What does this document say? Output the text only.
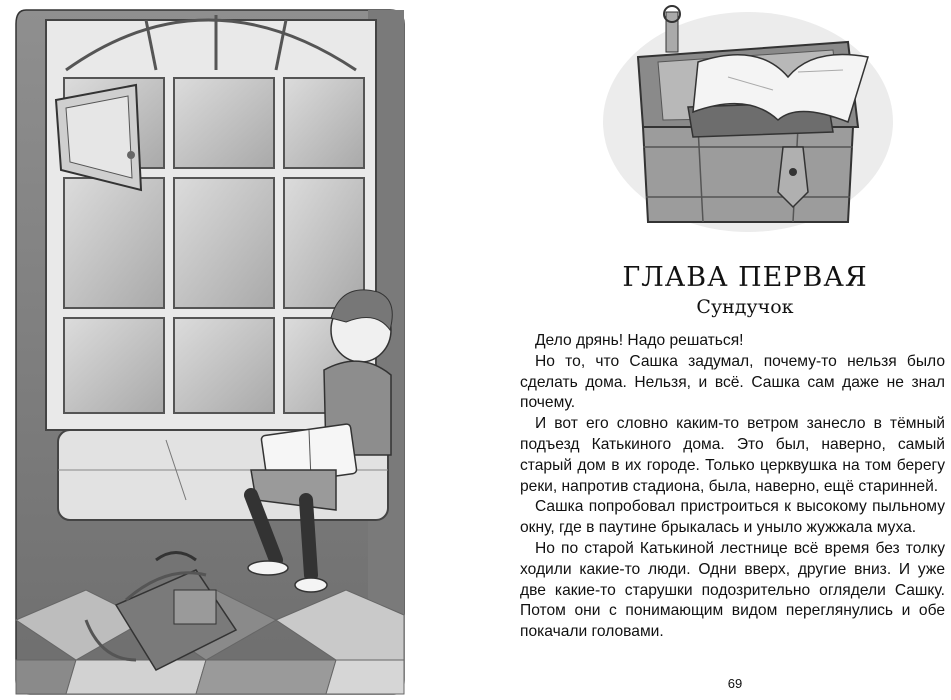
ГЛАВА ПЕРВАЯ
Сундучок

Дело дрянь! Надо решаться!

Но то, что Сашка задумал, почему-то нельзя было сделать дома. Нельзя, и всё. Сашка сам даже не знал почему.

И вот его словно каким-то ветром занесло в тёмный подъезд Катькиного дома. Это был, наверно, самый старый дом в их городе. Только церквушка на том берегу реки, напротив стадиона, была, наверно, ещё старинней.

Сашка попробовал пристроиться к высокому пыльному окну, где в паутине брыкалась и уныло жужжала муха.

Но по старой Катькиной лестнице всё время без толку ходили какие-то люди. Одни вверх, другие вниз. И уже две какие-то старушки подозрительно оглядели Сашку. Потом они с понимающим видом переглянулись и обе покачали головами.

69
